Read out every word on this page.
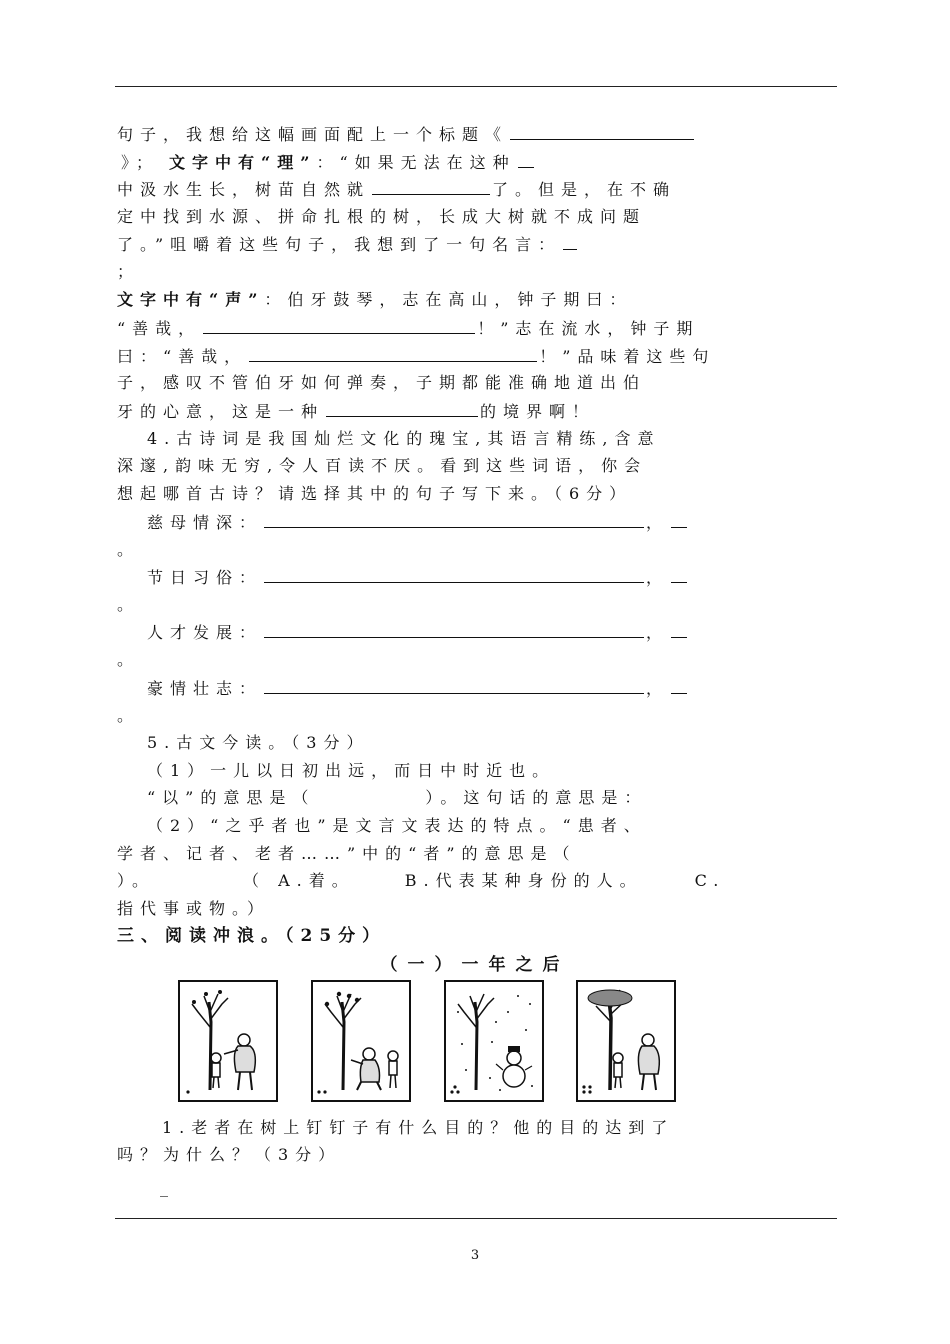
句子，我想给这幅画面配上一个标题《
》； 文字中有“理”：“如果无法在这种
中汲水生长，树苗自然就	了。但是，在不确
定中找到水源、拼命扎根的树，长成大树就不成问题
了。”咀嚼着这些句子，我想到了一句名言：
；
文字中有“声”：伯牙鼓琴，志在高山，钟子期曰：
“善哉，	！”志在流水，钟子期
曰：“善哉，	！”品味着这些句
子，感叹不管伯牙如何弹奏，子期都能准确地道出伯
牙的心意，这是一种	的境界啊！
4.古诗词是我国灿烂文化的瑰宝,其语言精练,含意
深邃,韵味无穷,令人百读不厌。看到这些词语，你会
想起哪首古诗？请选择其中的句子写下来。（6分）
慈母情深：	，
。
节日习俗：	，
。
人才发展：	，
。
豪情壮志：	，
。
5.古文今读。（3分）
（1）一儿以日初出远，而日中时近也。
“以”的意思是（	）。这句话的意思是：
（2）“之乎者也”是文言文表达的特点。“患者、
学者、记者、老者……”中的“者”的意思是（
）。	（ A.着。	B.代表某种身份的人。	C.
指代事或物。）
三、阅读冲浪。（25分）
（一）一年之后
1.老者在树上钉钉子有什么目的？他的目的达到了
吗？为什么？（3分）
_
3
